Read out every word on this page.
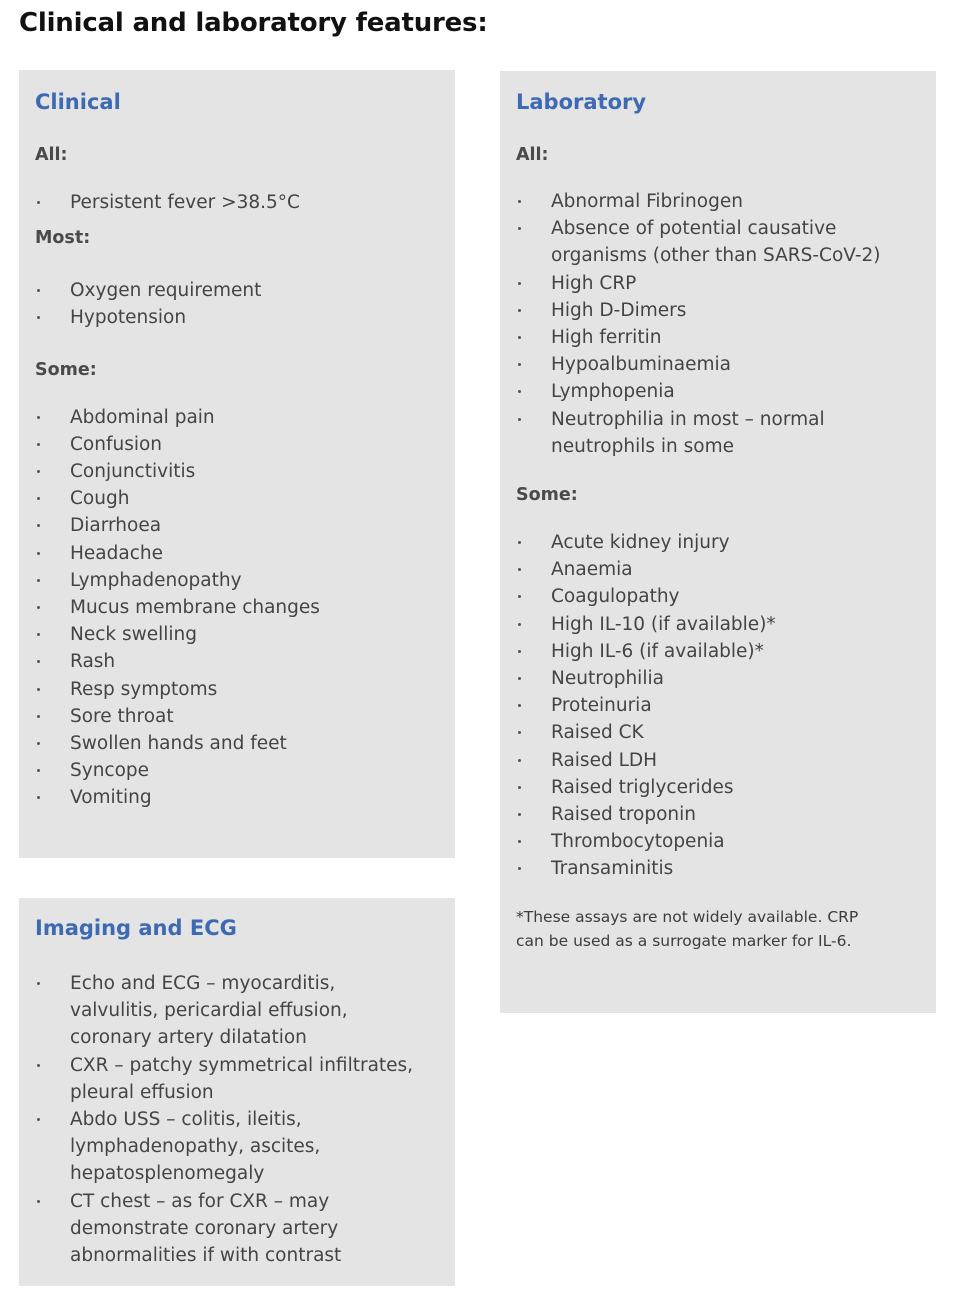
Clinical and laboratory features:
Clinical

All:

Persistent fever >38.5°C

Most:

Oxygen requirement
Hypotension

Some:

Abdominal pain
Confusion
Conjunctivitis
Cough
Diarrhoea
Headache
Lymphadenopathy
Mucus membrane changes
Neck swelling
Rash
Resp symptoms
Sore throat
Swollen hands and feet
Syncope
Vomiting
Imaging and ECG
Echo and ECG – myocarditis,
valvulitis, pericardial effusion,
coronary artery dilatation
CXR – patchy symmetrical infiltrates,
pleural effusion
Abdo USS – colitis, ileitis,
lymphadenopathy, ascites,
hepatosplenomegaly
CT chest – as for CXR – may
demonstrate coronary artery
abnormalities if with contrast
Laboratory

All:

Abnormal Fibrinogen
Absence of potential causative
organisms (other than SARS-CoV-2)
High CRP
High D-Dimers
High ferritin
Hypoalbuminaemia
Lymphopenia
Neutrophilia in most – normal
neutrophils in some

Some:

Acute kidney injury
Anaemia
Coagulopathy
High IL-10 (if available)*
High IL-6 (if available)*
Neutrophilia
Proteinuria
Raised CK
Raised LDH
Raised triglycerides
Raised troponin
Thrombocytopenia
Transaminitis

*These assays are not widely available. CRP

can be used as a surrogate marker for IL-6.
